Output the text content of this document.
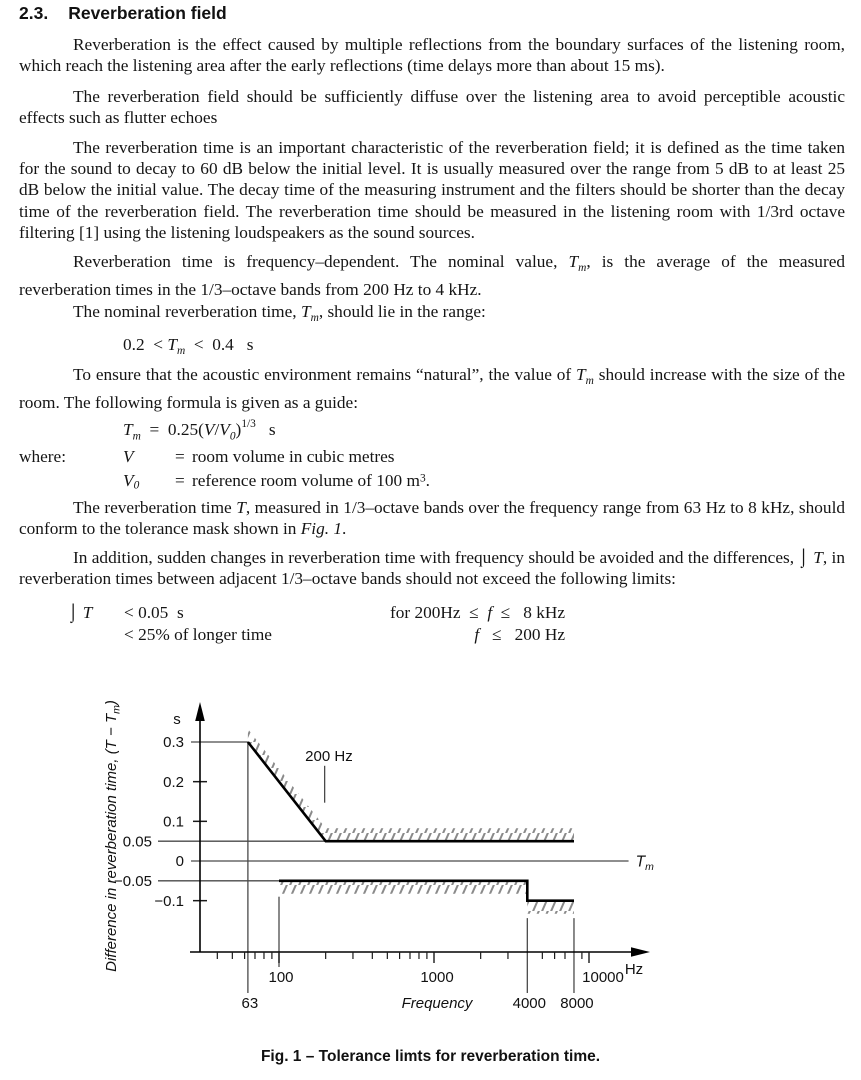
2.3. Reverberation field
Reverberation is the effect caused by multiple reflections from the boundary surfaces of the listening room, which reach the listening area after the early reflections (time delays more than about 15 ms).
The reverberation field should be sufficiently diffuse over the listening area to avoid perceptible acoustic effects such as flutter echoes
The reverberation time is an important characteristic of the reverberation field; it is defined as the time taken for the sound to decay to 60 dB below the initial level. It is usually measured over the range from 5 dB to at least 25 dB below the initial value. The decay time of the measuring instrument and the filters should be shorter than the decay time of the reverberation field. The reverberation time should be measured in the listening room with 1/3rd octave filtering [1] using the listening loudspeakers as the sound sources.
Reverberation time is frequency–dependent. The nominal value, $T_m$, is the average of the measured reverberation times in the 1/3–octave bands from 200 Hz to 4 kHz.
The nominal reverberation time, $T_m$, should lie in the range:
$0.2 < T_m < 0.4$   s
To ensure that the acoustic environment remains “natural”, the value of $T_m$ should increase with the size of the room. The following formula is given as a guide:
$T_m = 0.25(V/V_0)^{1/3}$   s
where:	V = room volume in cubic metres
V0 = reference room volume of 100 $m^3$.
The reverberation time T, measured in 1/3–octave bands over the frequency range from 63 Hz to 8 kHz, should conform to the tolerance mask shown in Fig. 1.
In addition, sudden changes in reverberation time with frequency should be avoided and the differences, ⌡ T, in reverberation times between adjacent 1/3–octave bands should not exceed the following limits:
⌡ T < 0.05  s	for 200Hz  ≤  f  ≤   8 kHz
< 25% of longer time	f   ≤   200 Hz
0.3
0.2
0.1
0.05
0	$T_m$
−0.05
−0.1
100	1000	10000
63	4000 8000
Hz
Frequency
s
Difference in reverberation time, $(T - T_m)$
200 Hz
Fig. 1 – Tolerance limts for reverberation time.
